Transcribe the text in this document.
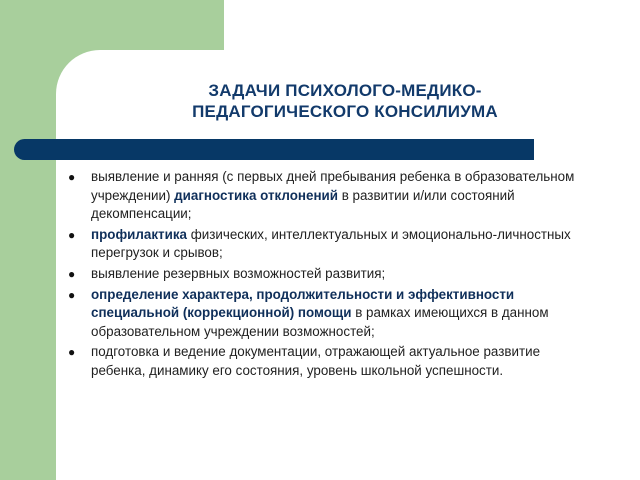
ЗАДАЧИ ПСИХОЛОГО-МЕДИКО-
ПЕДАГОГИЧЕСКОГО КОНСИЛИУМА
● выявление и ранняя (с первых дней пребывания ребенка в образовательном учреждении) диагностика отклонений в развитии и/или состояний декомпенсации;
● профилактика физических, интеллектуальных и эмоционально-личностных перегрузок и срывов;
● выявление резервных возможностей развития;
● определение характера, продолжительности и эффективности специальной (коррекционной) помощи в рамках имеющихся в данном образовательном учреждении возможностей;
● подготовка и ведение документации, отражающей актуальное развитие ребенка, динамику его состояния, уровень школьной успешности.
